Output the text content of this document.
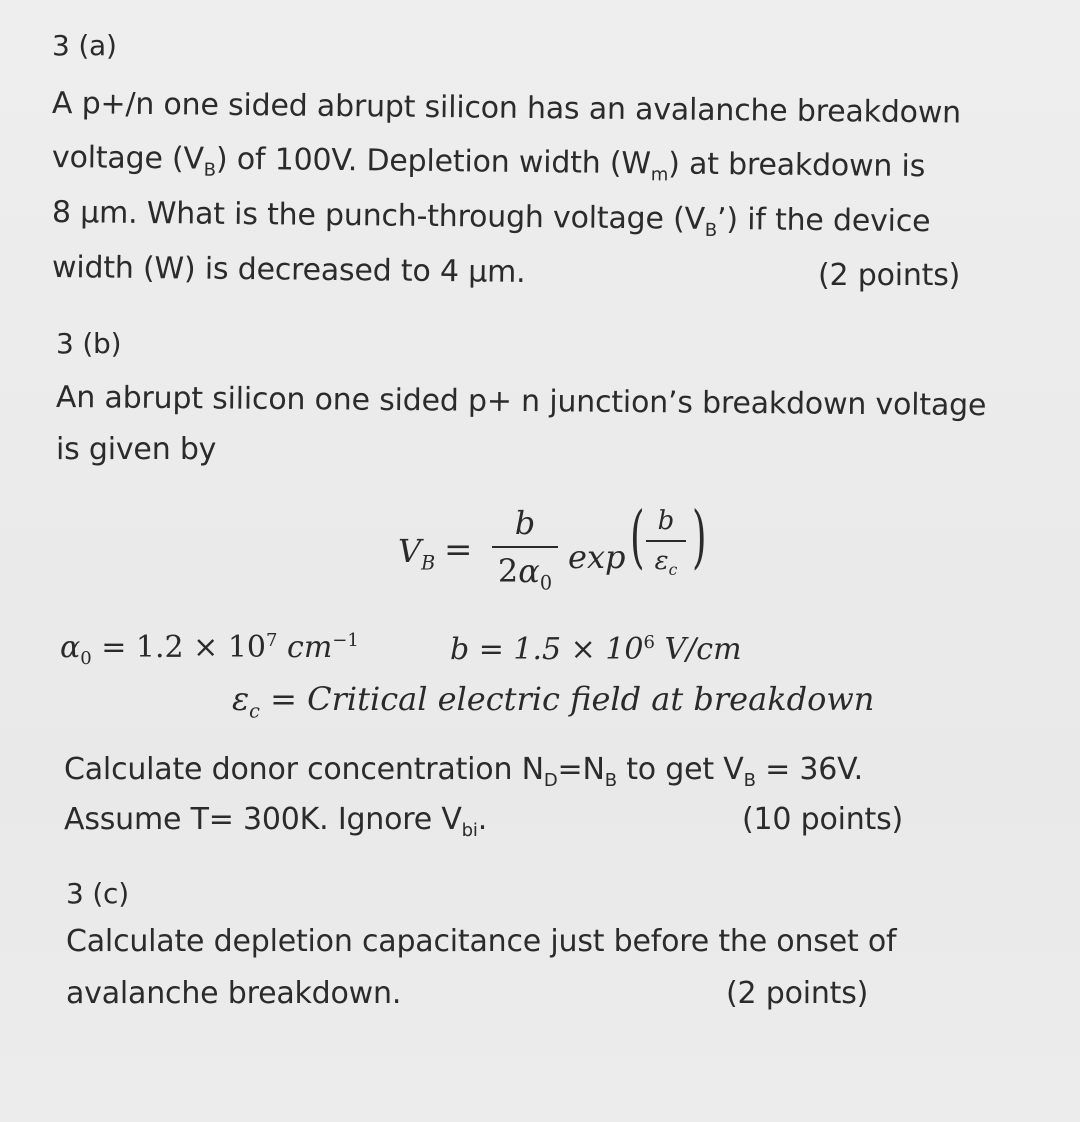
3 (a)
A p+/n one sided abrupt silicon has an avalanche breakdown
voltage $(V_B)$ of 100V. Depletion width $(W_m)$ at breakdown is
8 µm. What is the punch-through voltage $(V_B’)$ if the device
width (W) is decreased to 4 µm.	(2 points)
3 (b)
An abrupt silicon one sided p+ n junction’s breakdown voltage
is given by
$V_B$ =
b
$2\alpha_0$
exp ( b
$\varepsilon_c$ )
$\alpha_0 = 1.2 \times 10^7$ $cm^{-1}$	$b = 1.5 \times 10^6$ V/cm
$\varepsilon_c$ = Critical electric field at breakdown
Calculate donor concentration $N_D=N_B$ to get $V_B = 36V$.
Assume T= 300K. Ignore $V_{bi}$.	(10 points)
3 (c)
Calculate depletion capacitance just before the onset of
avalanche breakdown.	(2 points)
